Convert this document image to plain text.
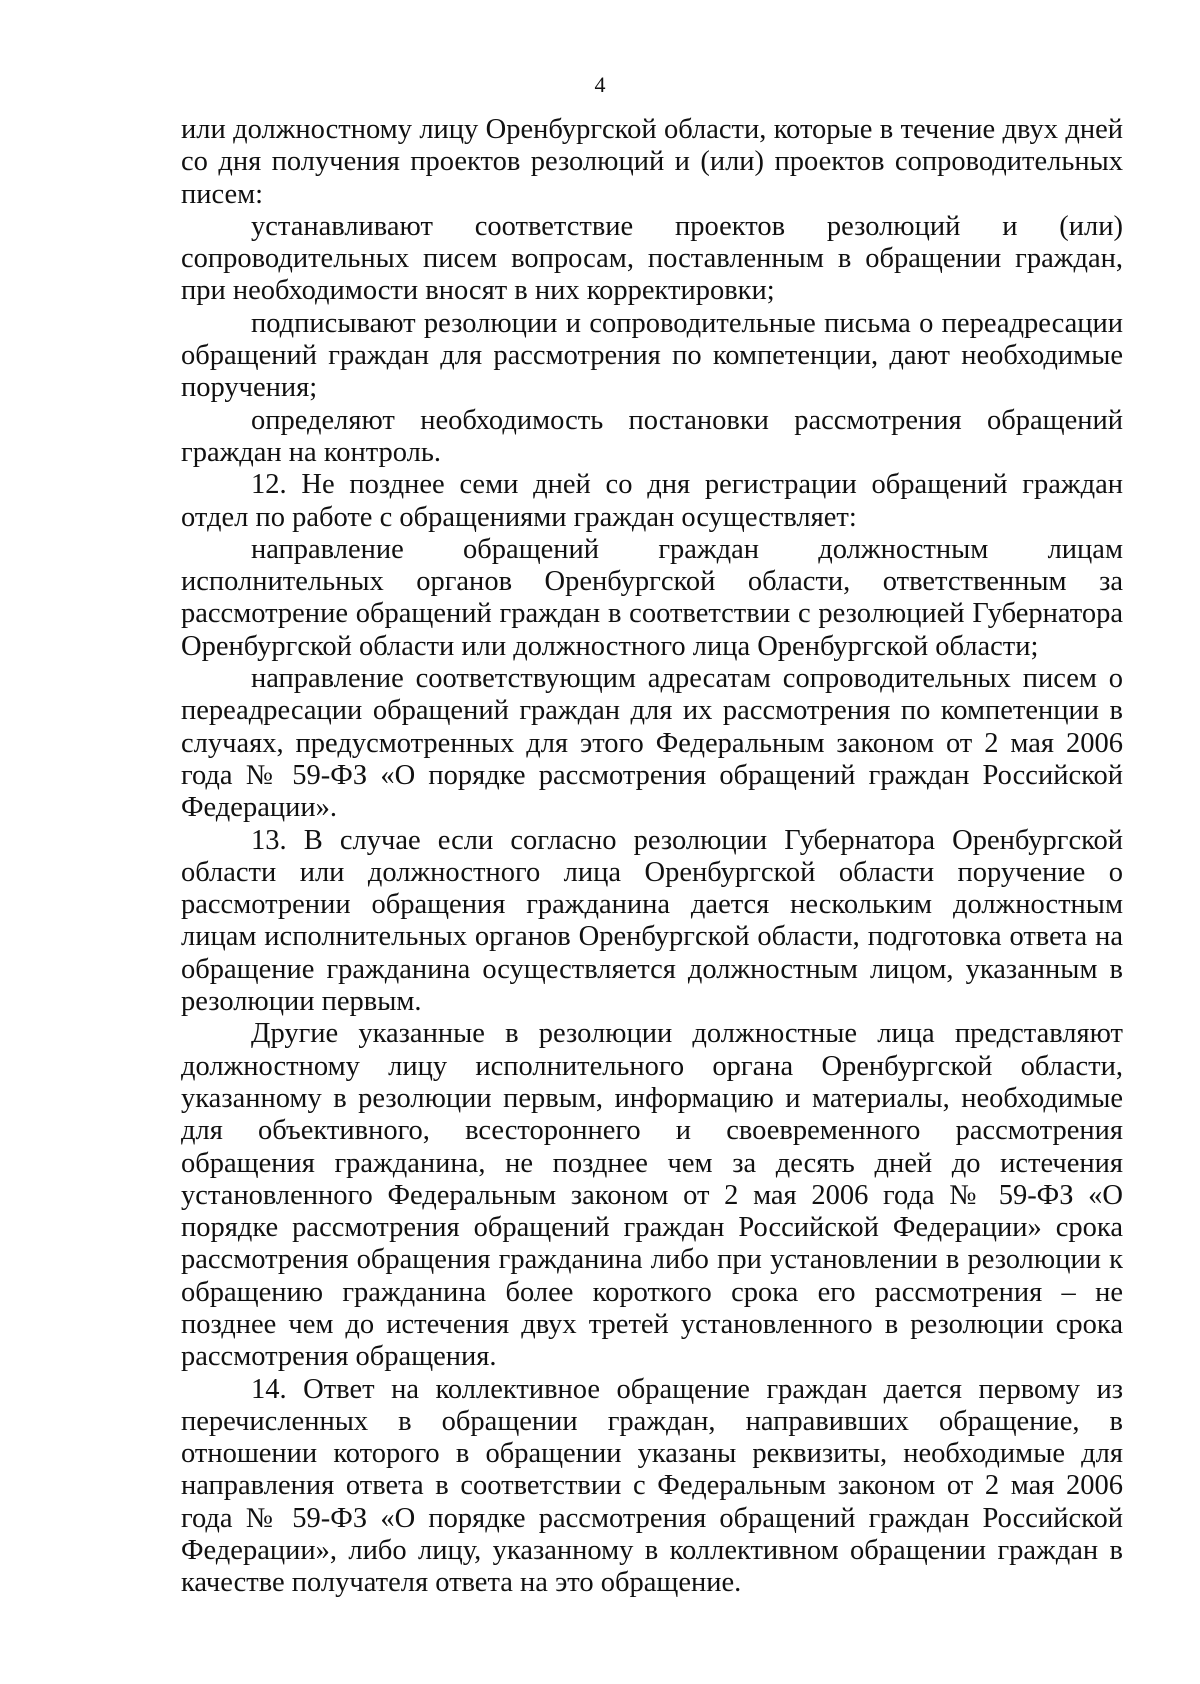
4

или должностному лицу Оренбургской области, которые в течение двух дней со дня получения проектов резолюций и (или) проектов сопроводительных писем:

устанавливают соответствие проектов резолюций и (или) сопроводительных писем вопросам, поставленным в обращении граждан, при необходимости вносят в них корректировки;

подписывают резолюции и сопроводительные письма о переадресации обращений граждан для рассмотрения по компетенции, дают необходимые поручения;

определяют необходимость постановки рассмотрения обращений граждан на контроль.

12. Не позднее семи дней со дня регистрации обращений граждан отдел по работе с обращениями граждан осуществляет:

направление обращений граждан должностным лицам исполнительных органов Оренбургской области, ответственным за рассмотрение обращений граждан в соответствии с резолюцией Губернатора Оренбургской области или должностного лица Оренбургской области;

направление соответствующим адресатам сопроводительных писем о переадресации обращений граждан для их рассмотрения по компетенции в случаях, предусмотренных для этого Федеральным законом от 2 мая 2006 года № 59-ФЗ «О порядке рассмотрения обращений граждан Российской Федерации».

13. В случае если согласно резолюции Губернатора Оренбургской области или должностного лица Оренбургской области поручение о рассмотрении обращения гражданина дается нескольким должностным лицам исполнительных органов Оренбургской области, подготовка ответа на обращение гражданина осуществляется должностным лицом, указанным в резолюции первым.

Другие указанные в резолюции должностные лица представляют должностному лицу исполнительного органа Оренбургской области, указанному в резолюции первым, информацию и материалы, необходимые для объективного, всестороннего и своевременного рассмотрения обращения гражданина, не позднее чем за десять дней до истечения установленного Федеральным законом от 2 мая 2006 года № 59-ФЗ «О порядке рассмотрения обращений граждан Российской Федерации» срока рассмотрения обращения гражданина либо при установлении в резолюции к обращению гражданина более короткого срока его рассмотрения – не позднее чем до истечения двух третей установленного в резолюции срока рассмотрения обращения.

14. Ответ на коллективное обращение граждан дается первому из перечисленных в обращении граждан, направивших обращение, в отношении которого в обращении указаны реквизиты, необходимые для направления ответа в соответствии с Федеральным законом от 2 мая 2006 года № 59-ФЗ «О порядке рассмотрения обращений граждан Российской Федерации», либо лицу, указанному в коллективном обращении граждан в качестве получателя ответа на это обращение.
